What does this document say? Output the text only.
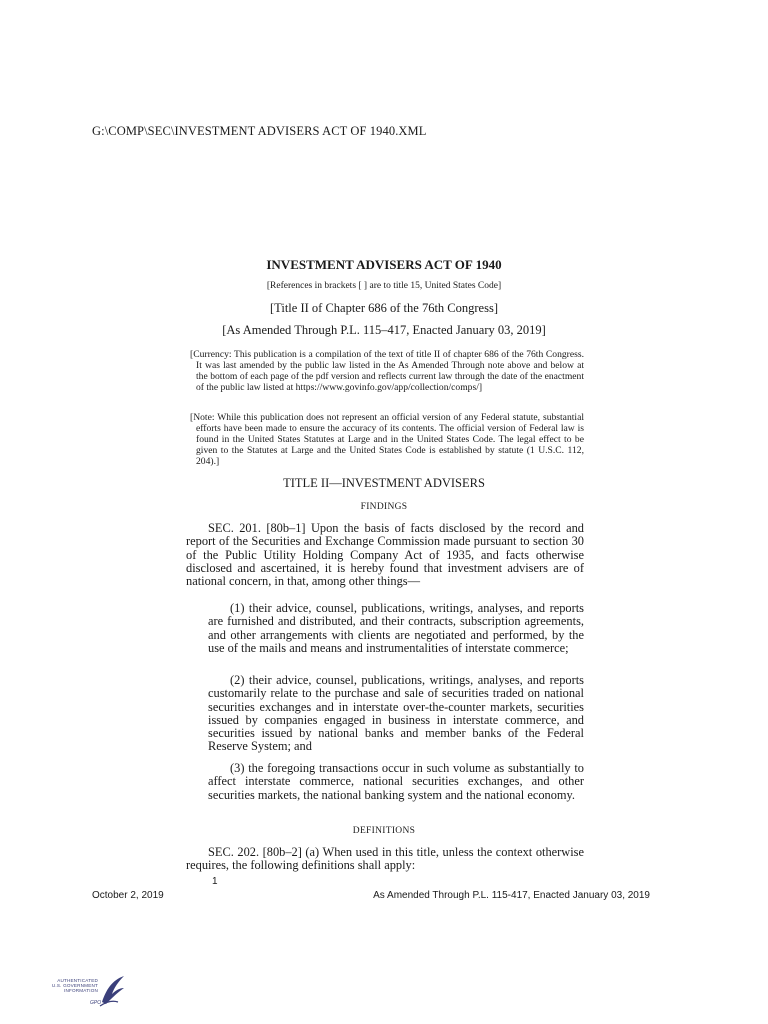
G:\COMP\SEC\INVESTMENT ADVISERS ACT OF 1940.XML
INVESTMENT ADVISERS ACT OF 1940
[References in brackets [ ] are to title 15, United States Code]
[Title II of Chapter 686 of the 76th Congress]
[As Amended Through P.L. 115–417, Enacted January 03, 2019]
[Currency: This publication is a compilation of the text of title II of chapter 686 of the 76th Congress. It was last amended by the public law listed in the As Amended Through note above and below at the bottom of each page of the pdf version and reflects current law through the date of the enactment of the public law listed at https://www.govinfo.gov/app/collection/comps/]
[Note: While this publication does not represent an official version of any Federal statute, substantial efforts have been made to ensure the accuracy of its contents. The official version of Federal law is found in the United States Statutes at Large and in the United States Code. The legal effect to be given to the Statutes at Large and the United States Code is established by statute (1 U.S.C. 112, 204).]
TITLE II—INVESTMENT ADVISERS
FINDINGS
SEC. 201. [80b–1] Upon the basis of facts disclosed by the record and report of the Securities and Exchange Commission made pursuant to section 30 of the Public Utility Holding Company Act of 1935, and facts otherwise disclosed and ascertained, it is hereby found that investment advisers are of national concern, in that, among other things—
(1) their advice, counsel, publications, writings, analyses, and reports are furnished and distributed, and their contracts, subscription agreements, and other arrangements with clients are negotiated and performed, by the use of the mails and means and instrumentalities of interstate commerce;
(2) their advice, counsel, publications, writings, analyses, and reports customarily relate to the purchase and sale of securities traded on national securities exchanges and in interstate over-the-counter markets, securities issued by companies engaged in business in interstate commerce, and securities issued by national banks and member banks of the Federal Reserve System; and
(3) the foregoing transactions occur in such volume as substantially to affect interstate commerce, national securities exchanges, and other securities markets, the national banking system and the national economy.
DEFINITIONS
SEC. 202. [80b–2] (a) When used in this title, unless the context otherwise requires, the following definitions shall apply:
1
October 2, 2019	As Amended Through P.L. 115-417, Enacted January 03, 2019
AUTHENTICATED
U.S. GOVERNMENT
INFORMATION
GPO
